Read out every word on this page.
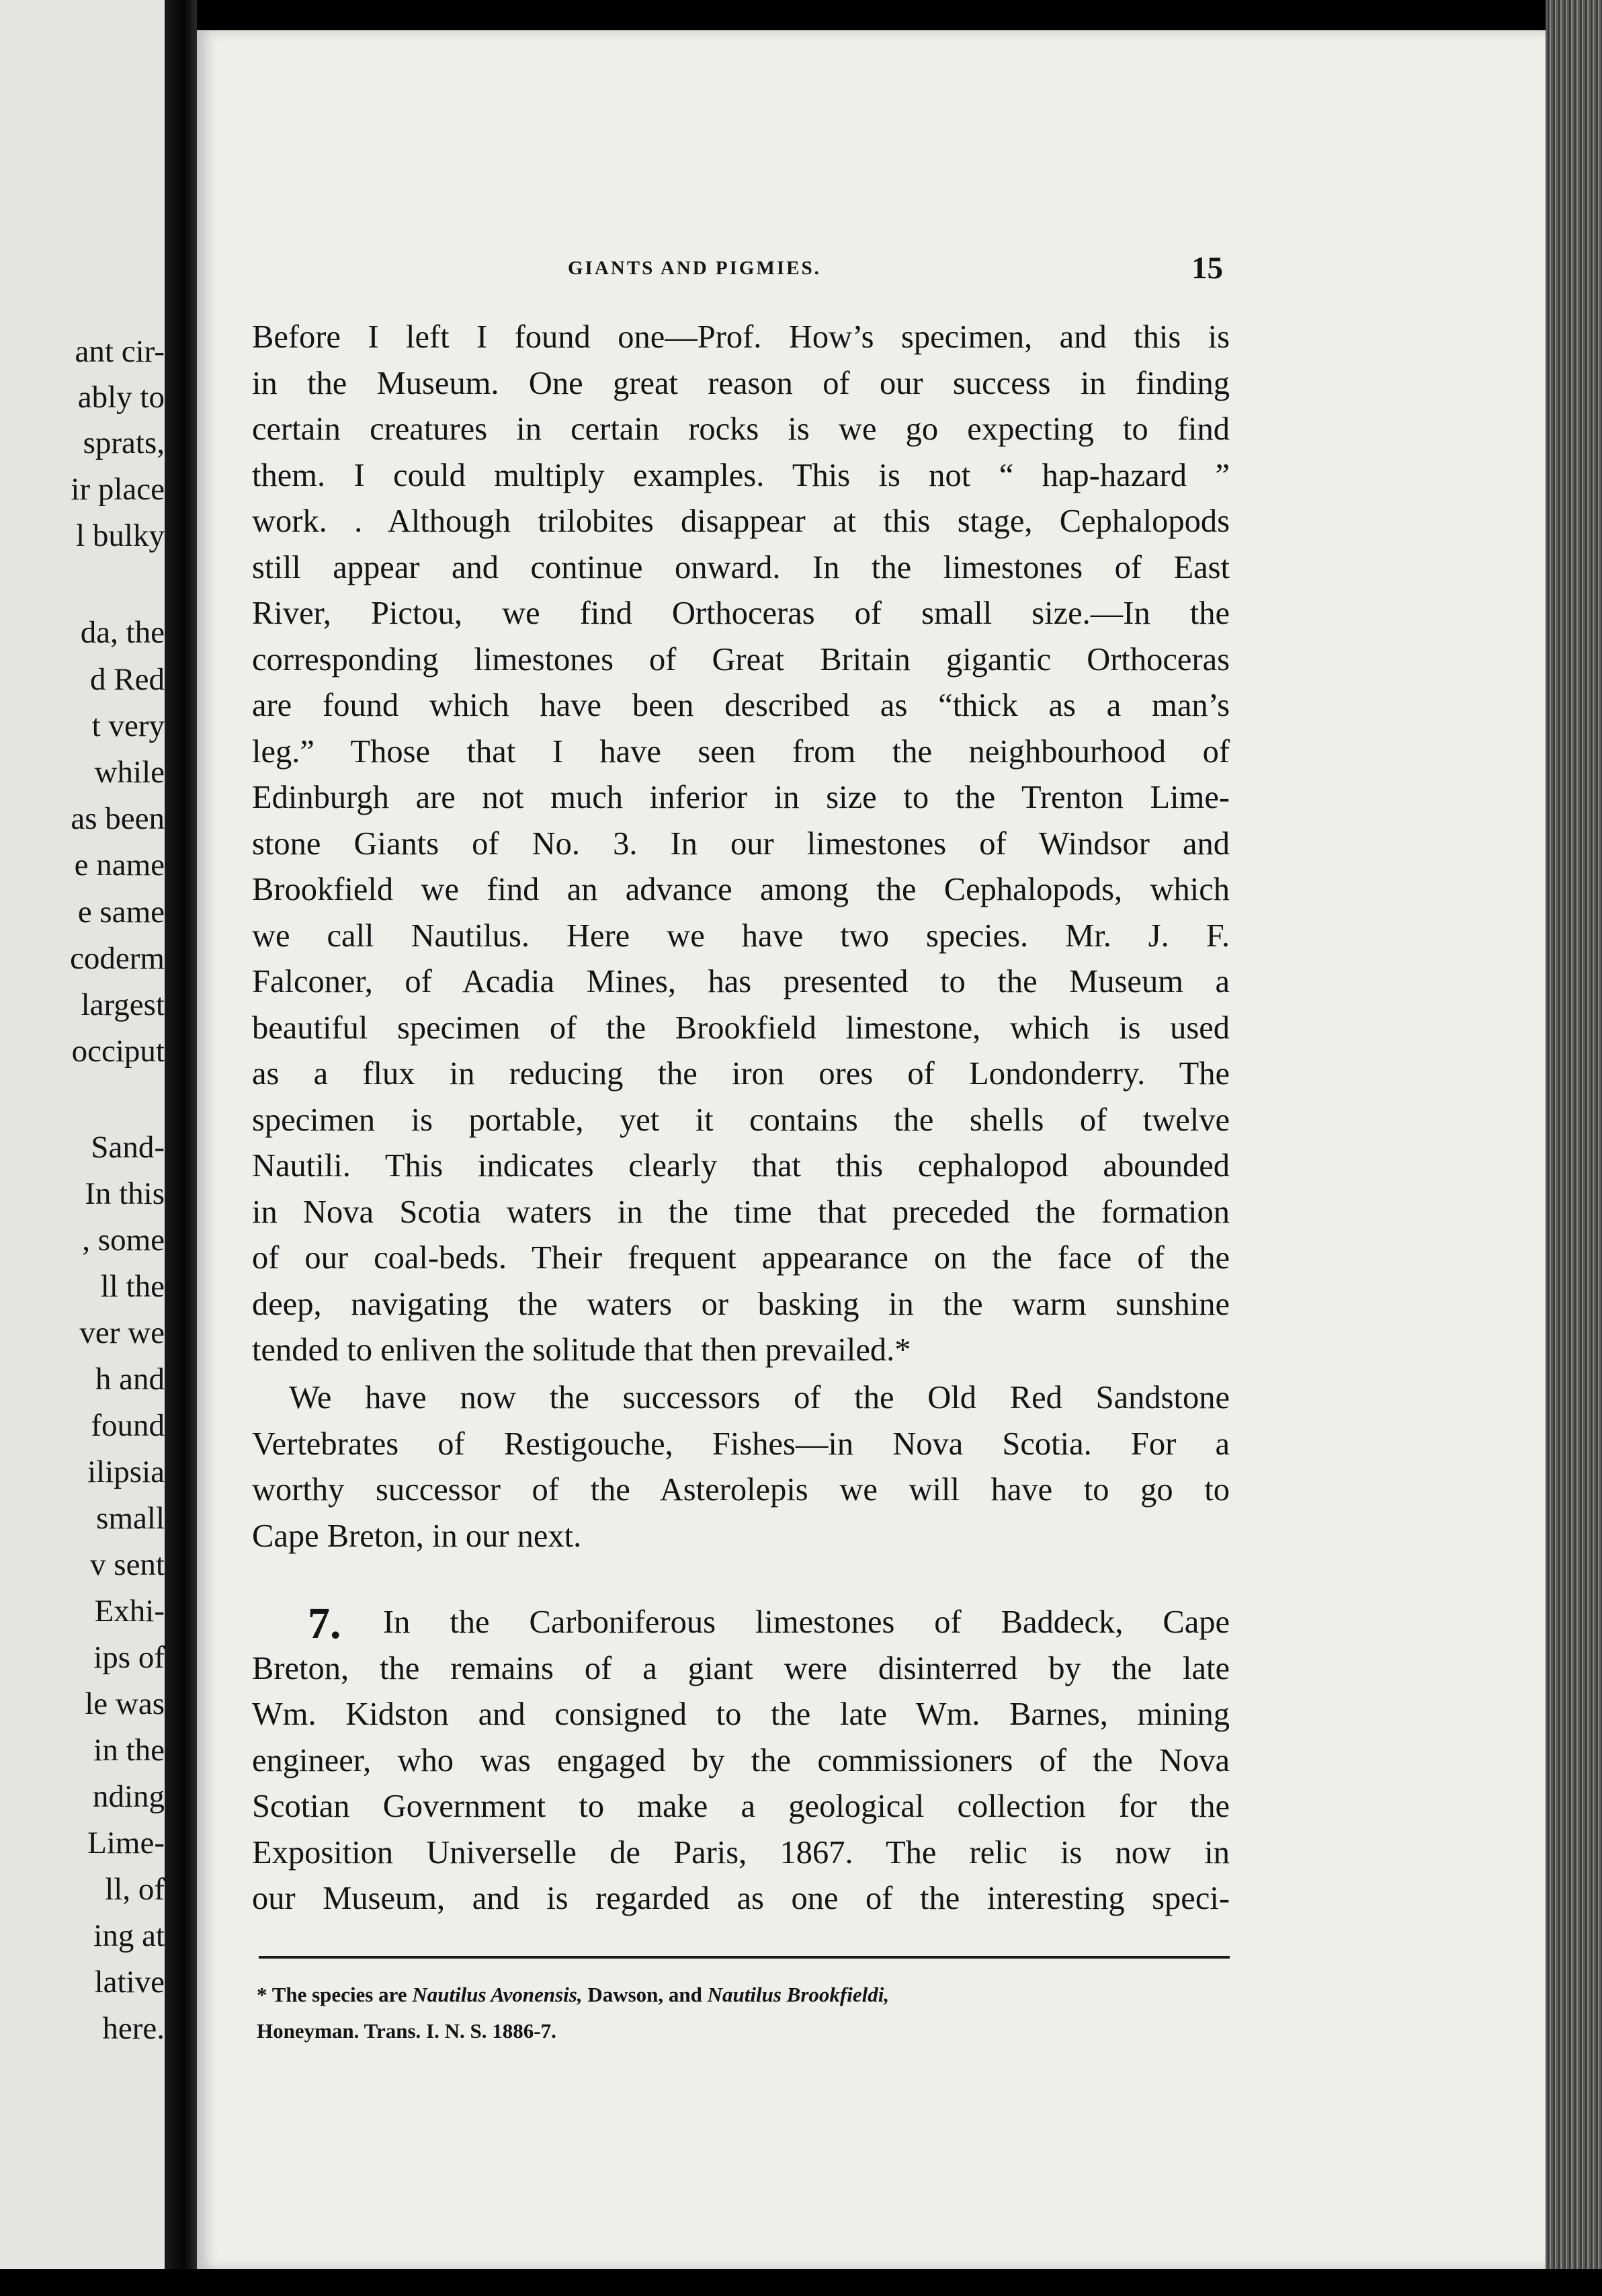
ant cir-
ably to
sprats,
ir place
l bulky
da, the
d Red
t very
while
as been
e name
e same
coderm
largest
occiput
Sand-
In this
, some
ll the
ver we
h and
found
ilipsia
small
v sent
Exhi-
ips of
le was
in the
nding
Lime-
ll, of
ing at
lative
here.
GIANTS AND PIGMIES.	15
Before I left I found one—Prof. How’s specimen, and this is
in the Museum. One great reason of our success in finding
certain creatures in certain rocks is we go expecting to find
them. I could multiply examples. This is not “ hap-hazard ”
work. . Although trilobites disappear at this stage, Cephalopods
still appear and continue onward. In the limestones of East
River, Pictou, we find Orthoceras of small size.—In the
corresponding limestones of Great Britain gigantic Orthoceras
are found which have been described as “thick as a man’s
leg.” Those that I have seen from the neighbourhood of
Edinburgh are not much inferior in size to the Trenton Lime-
stone Giants of No. 3. In our limestones of Windsor and
Brookfield we find an advance among the Cephalopods, which
we call Nautilus. Here we have two species. Mr. J. F.
Falconer, of Acadia Mines, has presented to the Museum a
beautiful specimen of the Brookfield limestone, which is used
as a flux in reducing the iron ores of Londonderry. The
specimen is portable, yet it contains the shells of twelve
Nautili. This indicates clearly that this cephalopod abounded
in Nova Scotia waters in the time that preceded the formation
of our coal-beds. Their frequent appearance on the face of the
deep, navigating the waters or basking in the warm sunshine
tended to enliven the solitude that then prevailed.*
We have now the successors of the Old Red Sandstone
Vertebrates of Restigouche, Fishes—in Nova Scotia. For a
worthy successor of the Asterolepis we will have to go to
Cape Breton, in our next.
In the Carboniferous limestones of Baddeck, Cape
Breton, the remains of a giant were disinterred by the late
Wm. Kidston and consigned to the late Wm. Barnes, mining
engineer, who was engaged by the commissioners of the Nova
Scotian Government to make a geological collection for the
Exposition Universelle de Paris, 1867. The relic is now in
our Museum, and is regarded as one of the interesting speci-
7.
* The species are Nautilus Avonensis, Dawson, and Nautilus Brookfieldi,
Honeyman. Trans. I. N. S. 1886-7.
